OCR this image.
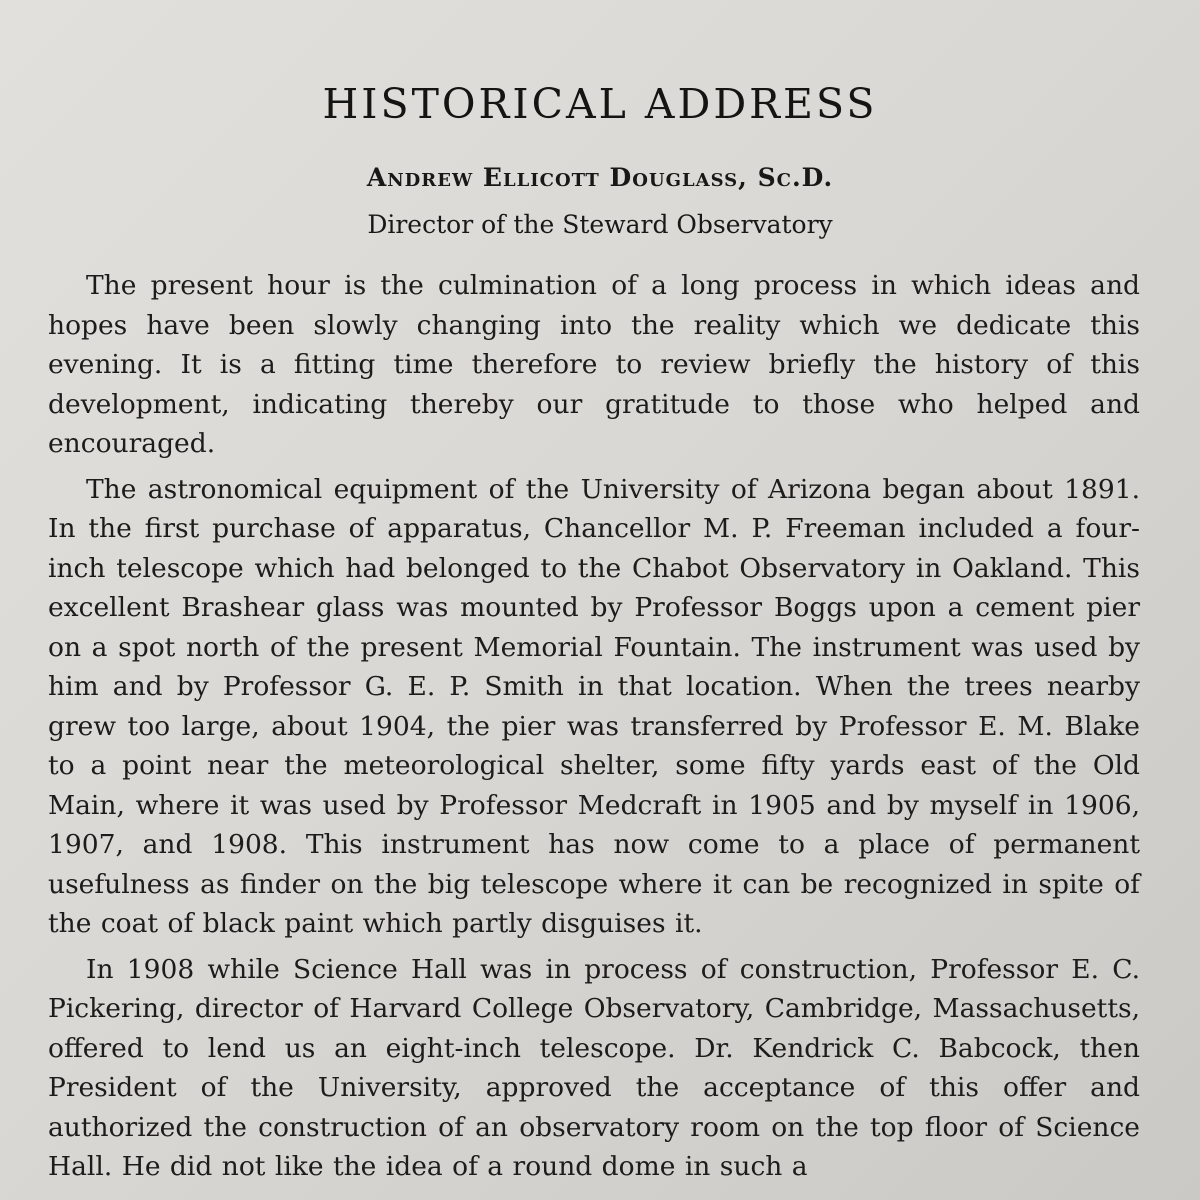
HISTORICAL ADDRESS
Andrew Ellicott Douglass, Sc.D.
Director of the Steward Observatory

The present hour is the culmination of a long process in which ideas and hopes have been slowly changing into the reality which we dedicate this evening. It is a fitting time therefore to review briefly the history of this development, indicating thereby our gratitude to those who helped and encouraged.

The astronomical equipment of the University of Arizona began about 1891. In the first purchase of apparatus, Chancellor M. P. Freeman included a four-inch telescope which had belonged to the Chabot Observatory in Oakland. This excellent Brashear glass was mounted by Professor Boggs upon a cement pier on a spot north of the present Memorial Fountain. The instrument was used by him and by Professor G. E. P. Smith in that location. When the trees nearby grew too large, about 1904, the pier was transferred by Professor E. M. Blake to a point near the meteorological shelter, some fifty yards east of the Old Main, where it was used by Professor Medcraft in 1905 and by myself in 1906, 1907, and 1908. This instrument has now come to a place of permanent usefulness as finder on the big telescope where it can be recognized in spite of the coat of black paint which partly disguises it.

In 1908 while Science Hall was in process of construction, Professor E. C. Pickering, director of Harvard College Observatory, Cambridge, Massachusetts, offered to lend us an eight-inch telescope. Dr. Kendrick C. Babcock, then President of the University, approved the acceptance of this offer and authorized the construction of an observatory room on the top floor of Science Hall. He did not like the idea of a round dome in such a
